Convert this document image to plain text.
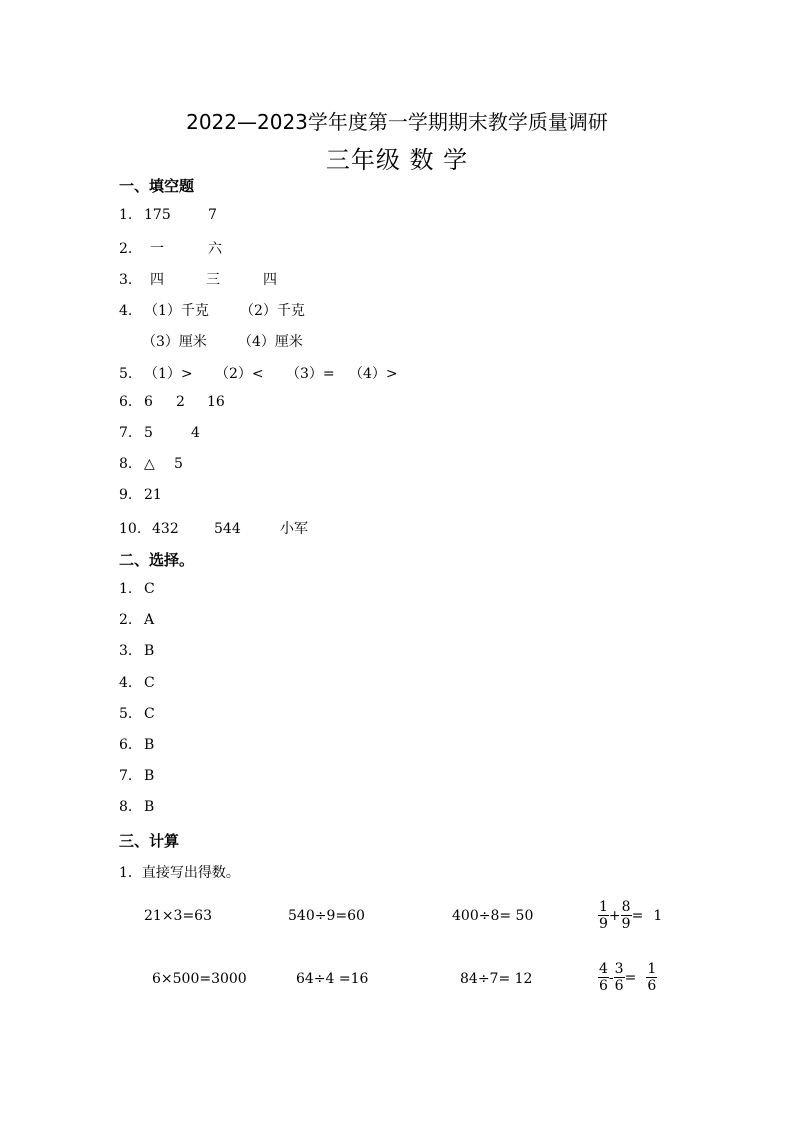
2022—2023学年度第一学期期末教学质量调研
三年级 数 学
一、填空题
1. 175	7
2. 一	六
3. 四	三	四
4. （1）千克 （2）千克
（3）厘米 （4）厘米
5. （1）> （2）< （3）= （4）>
6. 6 2 16
7. 5	4
8. △ 5
9. 21
10. 432	544	小军
二、选择。
1. C
2. A
3. B
4. C
5. C
6. B
7. B
8. B
三、计算
1．直接写出得数。
21×3=63	540÷9=60	400÷8= 50	$\frac{1}{9} + \frac{8}{9} = 1$
6×500=3000	64÷4 =16	84÷7= 12	$\frac{4}{6} - \frac{3}{6} = \frac{1}{6}$
